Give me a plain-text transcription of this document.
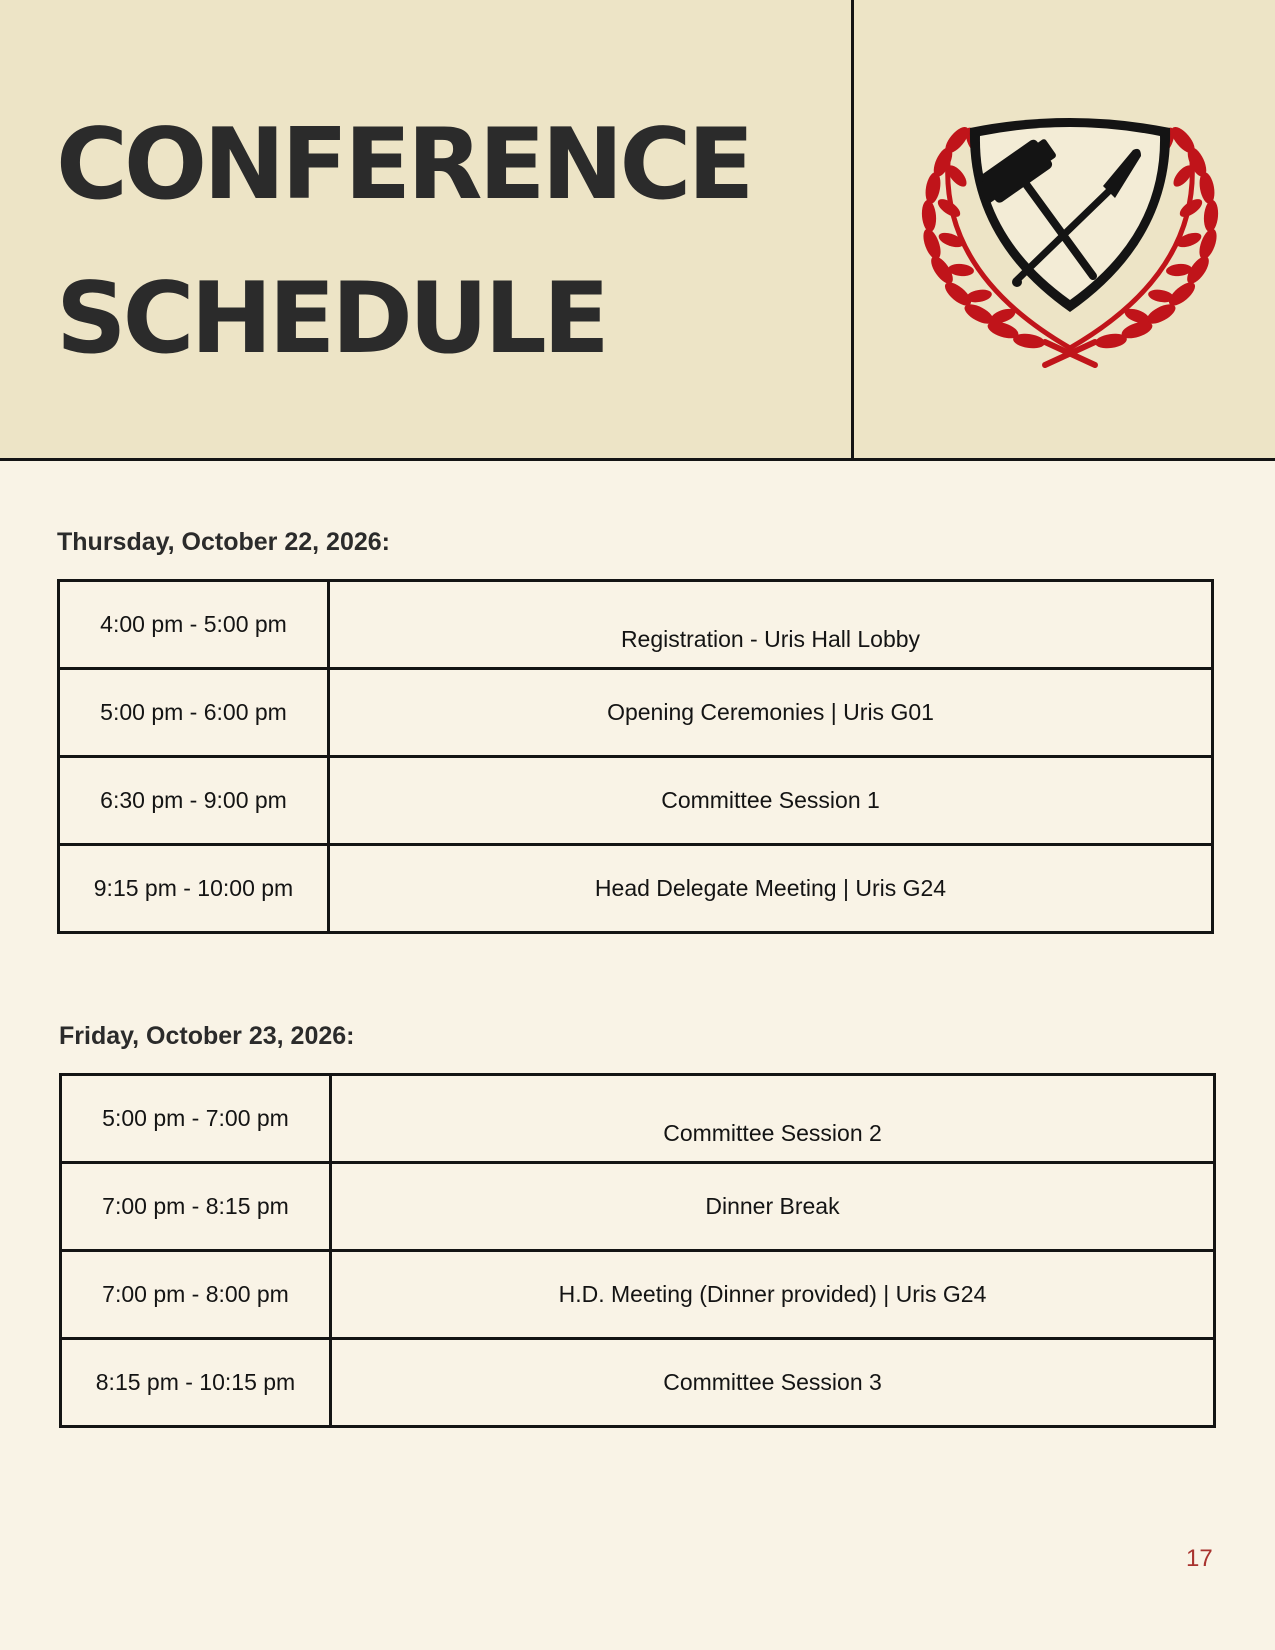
CONFERENCE
SCHEDULE
Thursday, October 22, 2026:
4:00 pm - 5:00 pm	Registration - Uris Hall Lobby
5:00 pm - 6:00 pm	Opening Ceremonies | Uris G01
6:30 pm - 9:00 pm	Committee Session 1
9:15 pm - 10:00 pm	Head Delegate Meeting | Uris G24
Friday, October 23, 2026:
5:00 pm - 7:00 pm	Committee Session 2
7:00 pm - 8:15 pm	Dinner Break
7:00 pm - 8:00 pm	H.D. Meeting (Dinner provided) | Uris G24
8:15 pm - 10:15 pm	Committee Session 3
17
